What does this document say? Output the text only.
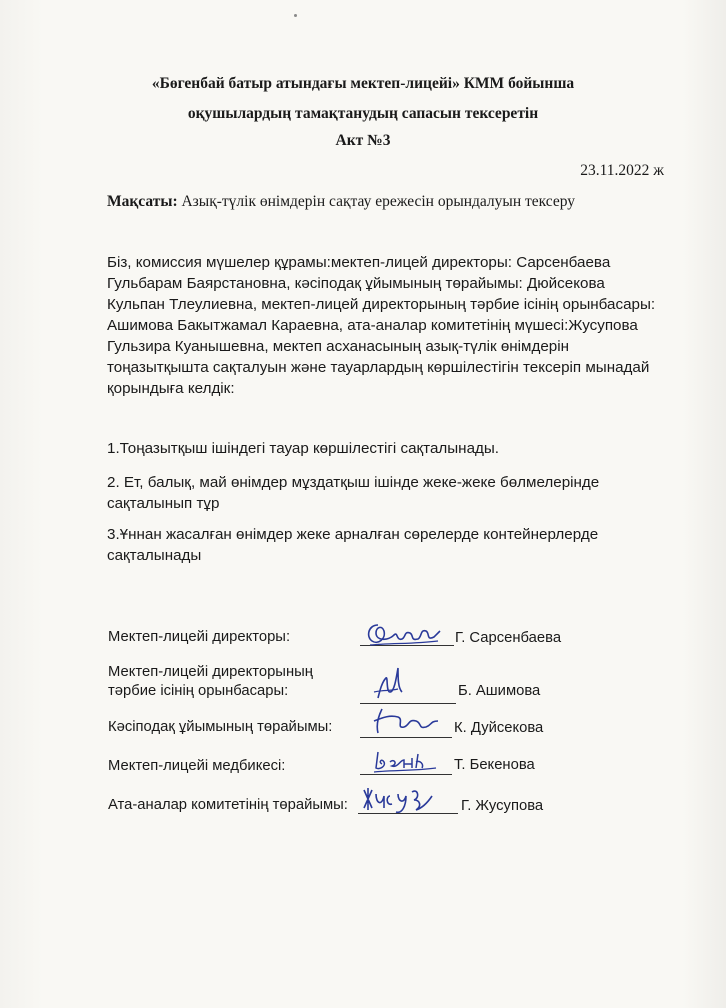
«Бөгенбай батыр атындағы мектеп-лицейі» КММ бойынша
оқушылардың тамақтанудың сапасын тексеретін
Акт №3
23.11.2022 ж
Мақсаты: Азық-түлік өнімдерін сақтау ережесін орындалуын тексеру
Біз, комиссия мүшелер құрамы:мектеп-лицей директоры: Сарсенбаева
Гульбарам Баярстановна, кәсіподақ ұйымының төрайымы: Дюйсекова
Кульпан Тлеулиевна, мектеп-лицей директорының тәрбие ісінің орынбасары:
Ашимова Бакытжамал Караевна, ата-аналар комитетінің мүшесі:Жусупова
Гульзира Куанышевна, мектеп асханасының азық-түлік өнімдерін
тоңазытқышта сақталуын және тауарлардың көршілестігін тексеріп мынадай
қорындыға келдік:
1.Тоңазытқыш ішіндегі тауар көршілестігі сақталынады.
2. Ет, балық, май өнімдер мұздатқыш ішінде жеке-жеке бөлмелерінде
сақталынып тұр
3.Ұннан жасалған өнімдер жеке арналған сөрелерде контейнерлерде
сақталынады
Мектеп-лицейі директоры:	Г. Сарсенбаева
Мектеп-лицейі директорының
тәрбие ісінің орынбасары:	Б. Ашимова
Кәсіподақ ұйымының төрайымы:	К. Дуйсекова
Мектеп-лицейі медбикесі:	Т. Бекенова
Ата-аналар комитетінің төрайымы:	Г. Жусупова
